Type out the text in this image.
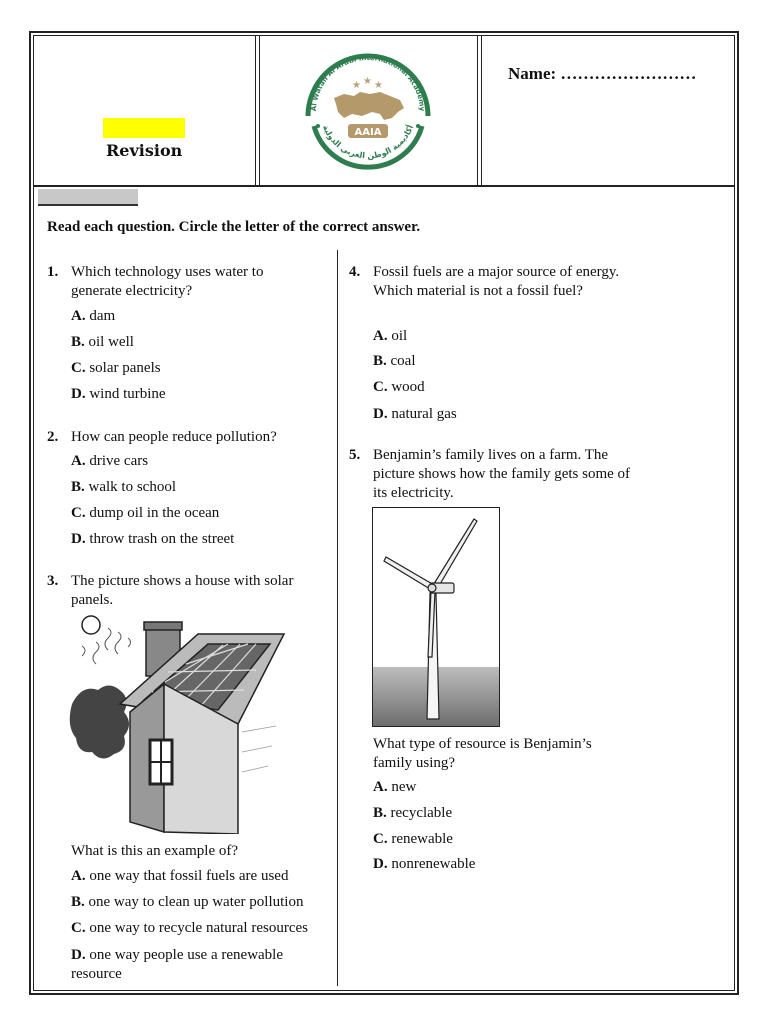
Revision
Al Watan Al Arabi International Academy
أكاديمية الوطن العربي الدولية
★ ★ ★
AAIA
Name: ……………………
Read each question. Circle the letter of the correct answer.
1. Which technology uses water to generate electricity?
A. dam
B. oil well
C. solar panels
D. wind turbine
2. How can people reduce pollution?
A. drive cars
B. walk to school
C. dump oil in the ocean
D. throw trash on the street
3. The picture shows a house with solar panels.
What is this an example of?
A. one way that fossil fuels are used
B. one way to clean up water pollution
C. one way to recycle natural resources
D. one way people use a renewable resource
4. Fossil fuels are a major source of energy. Which material is not a fossil fuel?
A. oil
B. coal
C. wood
D. natural gas
5. Benjamin’s family lives on a farm. The picture shows how the family gets some of its electricity.
What type of resource is Benjamin’s family using?
A. new
B. recyclable
C. renewable
D. nonrenewable
